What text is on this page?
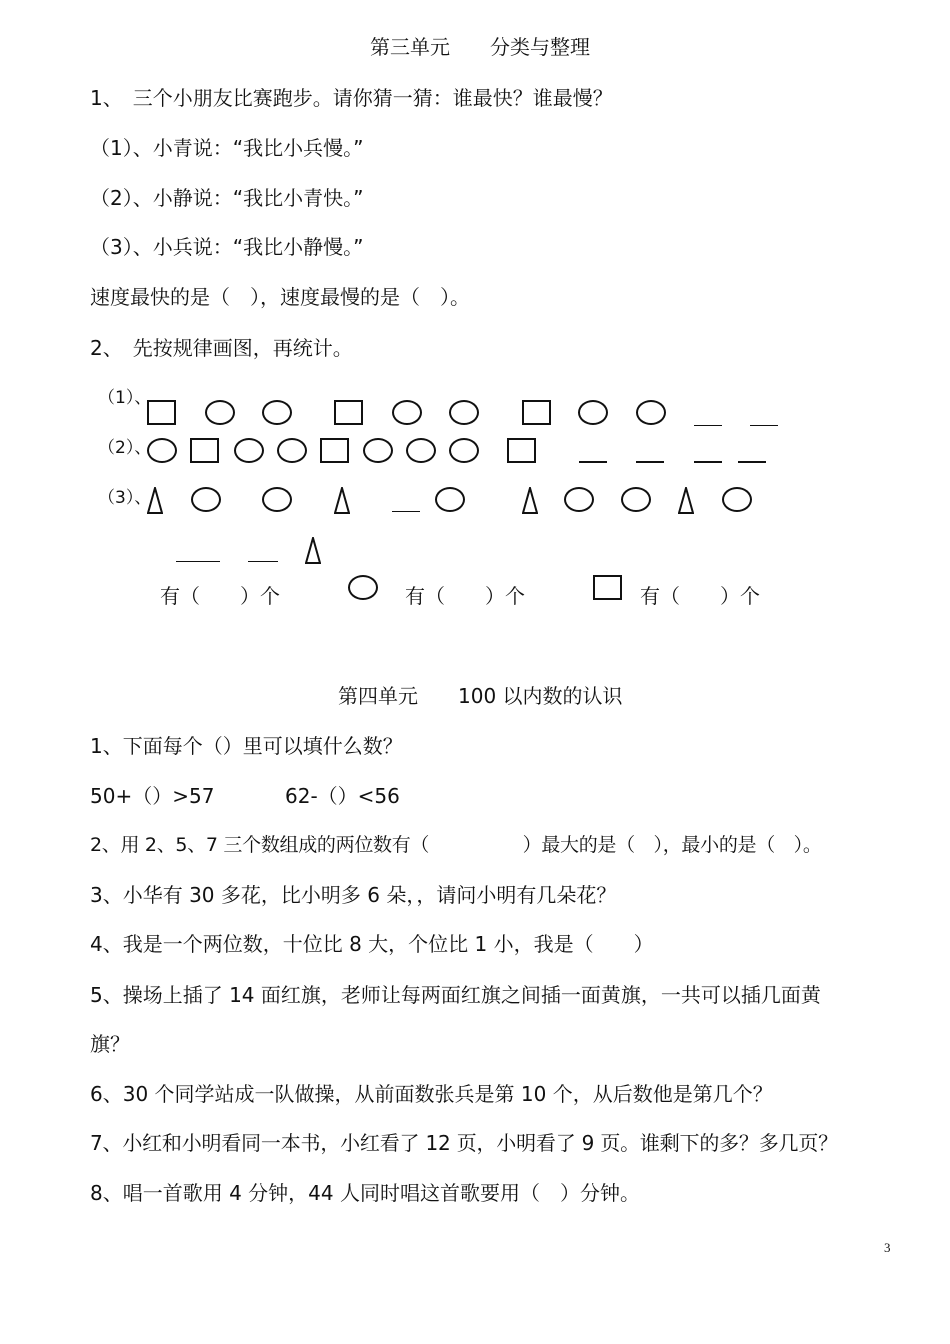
第三单元　　分类与整理
1、　三个小朋友比赛跑步。请你猜一猜：谁最快？谁最慢？
（1）、小青说：“我比小兵慢。”
（2）、小静说：“我比小青快。”
（3）、小兵说：“我比小静慢。”
速度最快的是（　），速度最慢的是（　）。
2、　先按规律画图，再统计。
（1）、
（2）、
（3）、
有（　　）个	有（　　）个	有（　　）个
第四单元　　100 以内数的认识
1、下面每个（）里可以填什么数？
50+（）>57	62-（）<56
2、用 2、5、7 三个数组成的两位数有（　　　　　）最大的是（　），最小的是（　）。
3、小华有 30 多花，比小明多 6 朵，，请问小明有几朵花？
4、我是一个两位数，十位比 8 大，个位比 1 小，我是（　　）
5、操场上插了 14 面红旗，老师让每两面红旗之间插一面黄旗，一共可以插几面黄
旗？
6、30 个同学站成一队做操，从前面数张兵是第 10 个，从后数他是第几个？
7、小红和小明看同一本书，小红看了 12 页，小明看了 9 页。谁剩下的多？多几页？
8、唱一首歌用 4 分钟，44 人同时唱这首歌要用（　）分钟。
3
